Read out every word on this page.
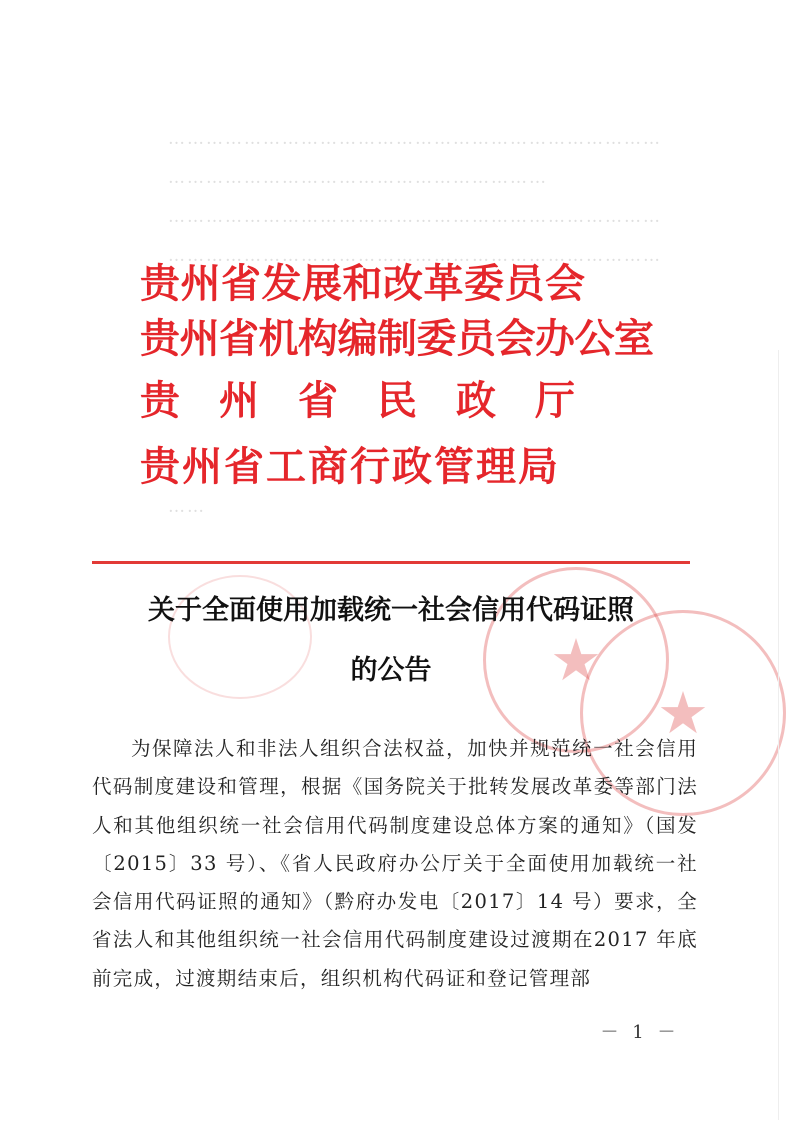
……………………………………………………………………
……………………………………………………
……………………………………………………………………
……………………………………………………………………
……
★
★
贵州省发展和改革委员会
贵州省机构编制委员会办公室
贵州省民政厅
贵州省工商行政管理局
关于全面使用加载统一社会信用代码证照
的公告

为保障法人和非法人组织合法权益，加快并规范统一社会信用代码制度建设和管理，根据《国务院关于批转发展改革委等部门法人和其他组织统一社会信用代码制度建设总体方案的通知》（国发〔2015〕33 号）、《省人民政府办公厅关于全面使用加载统一社会信用代码证照的通知》（黔府办发电〔2017〕14 号）要求，全省法人和其他组织统一社会信用代码制度建设过渡期在2017 年底前完成，过渡期结束后，组织机构代码证和登记管理部

－ 1 －
